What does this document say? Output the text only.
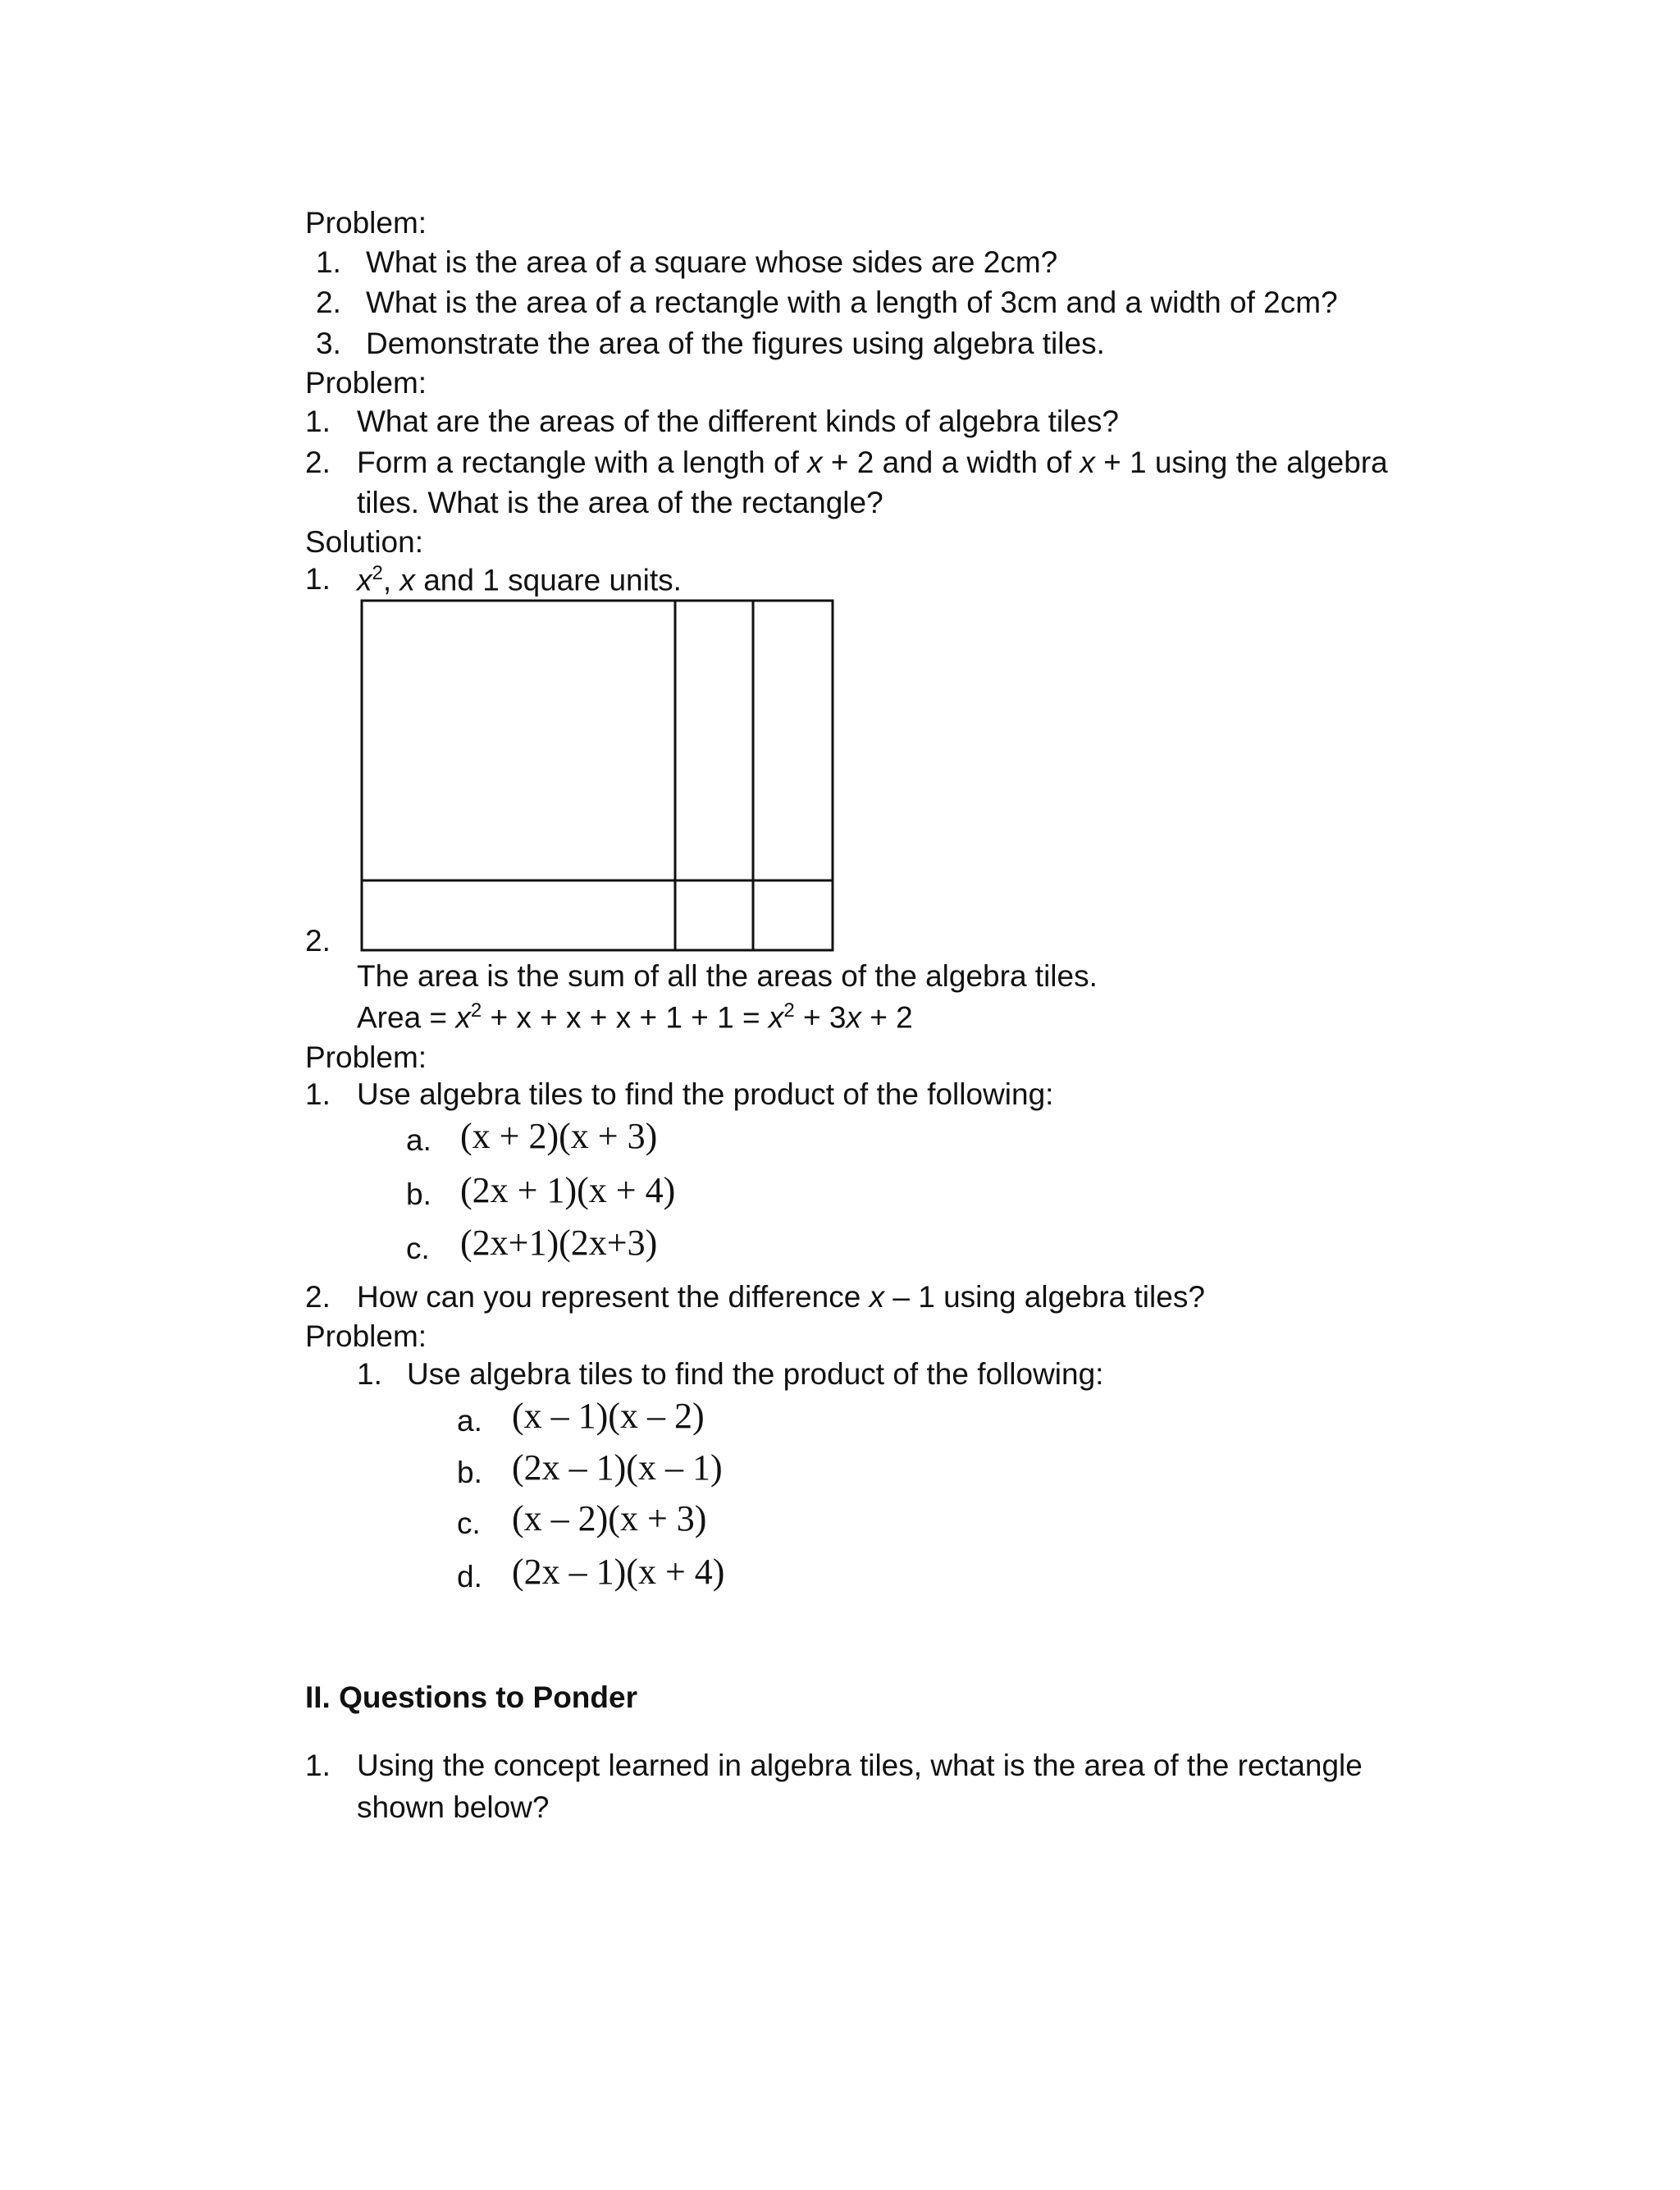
Problem:
1. What is the area of a square whose sides are 2cm?
2. What is the area of a rectangle with a length of 3cm and a width of 2cm?
3. Demonstrate the area of the figures using algebra tiles.
Problem:
1. What are the areas of the different kinds of algebra tiles?
2. Form a rectangle with a length of x + 2 and a width of x + 1 using the algebra
tiles. What is the area of the rectangle?
Solution:
1. $x^2$, x and 1 square units.
2.
The area is the sum of all the areas of the algebra tiles.
Area = $x^2 + x + x + x + 1 + 1 = x^2 + 3x + 2$
Problem:
1. Use algebra tiles to find the product of the following:
a. (x + 2)(x + 3)
b. (2x + 1)(x + 4)
c. (2x+1)(2x+3)
2. How can you represent the difference x – 1 using algebra tiles?
Problem:
1. Use algebra tiles to find the product of the following:
a. (x – 1)(x – 2)
b. (2x – 1)(x – 1)
c. (x – 2)(x + 3)
d. (2x – 1)(x + 4)
II. Questions to Ponder
1. Using the concept learned in algebra tiles, what is the area of the rectangle
shown below?
